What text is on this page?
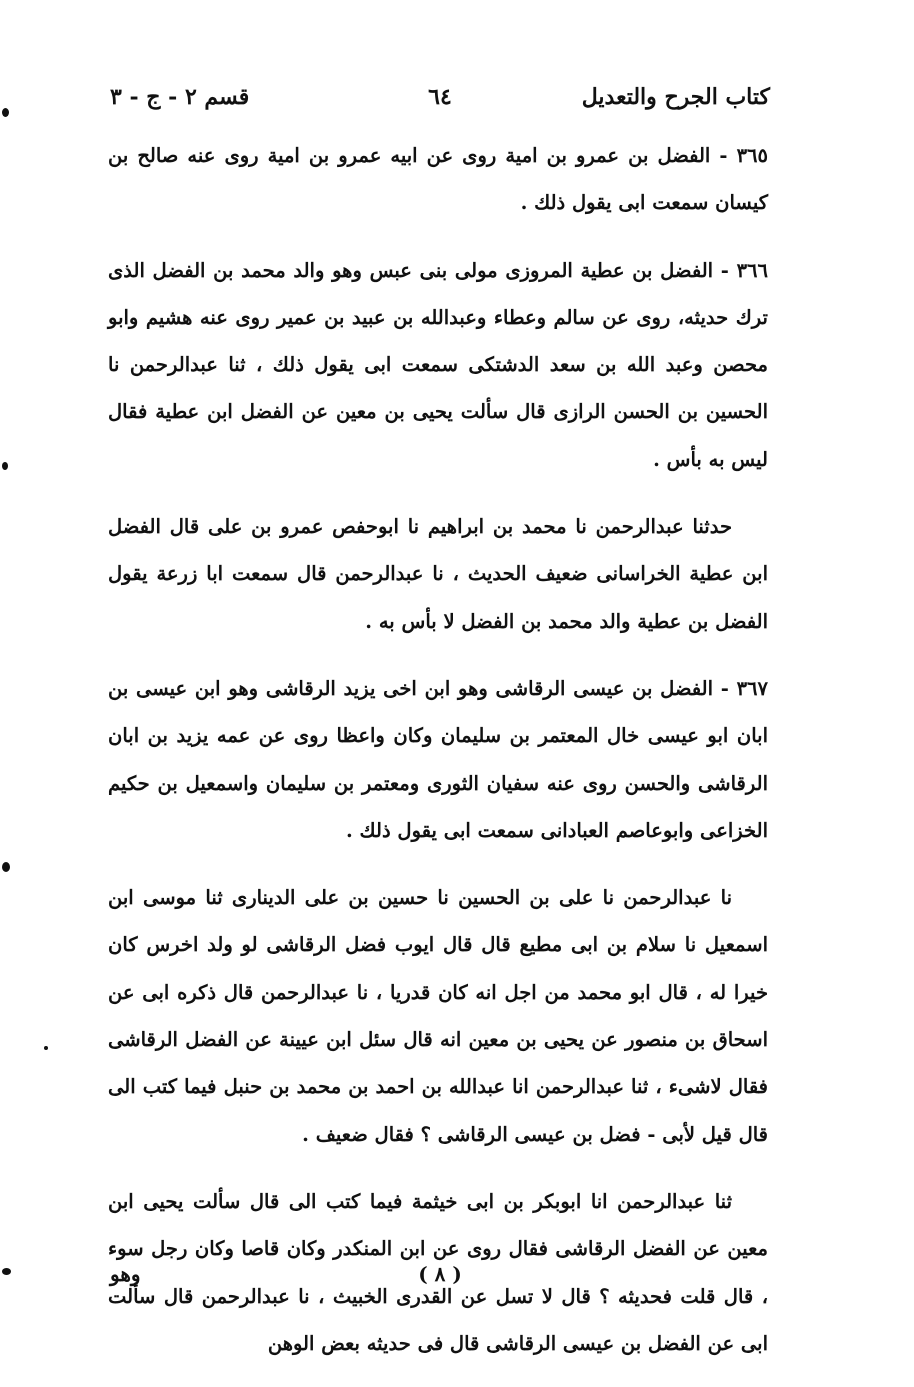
كتاب الجرح والتعديل
٦٤
قسم ٢ - ج - ٣

٣٦٥ - الفضل بن عمرو بن امية روى عن ابيه عمرو بن امية روى عنه صالح بن كيسان سمعت ابى يقول ذلك .

٣٦٦ - الفضل بن عطية المروزى مولى بنى عبس وهو والد محمد بن الفضل الذى ترك حديثه، روى عن سالم وعطاء وعبدالله بن عبيد بن عمير روى عنه هشيم وابو محصن وعبد الله بن سعد الدشتكى سمعت ابى يقول ذلك ، ثنا عبدالرحمن نا الحسين بن الحسن الرازى قال سألت يحيى بن معين عن الفضل ابن عطية فقال ليس به بأس .

حدثنا عبدالرحمن نا محمد بن ابراهيم نا ابوحفص عمرو بن على قال الفضل ابن عطية الخراسانى ضعيف الحديث ، نا عبدالرحمن قال سمعت ابا زرعة يقول الفضل بن عطية والد محمد بن الفضل لا بأس به .

٣٦٧ - الفضل بن عيسى الرقاشى وهو ابن اخى يزيد الرقاشى وهو ابن عيسى بن ابان ابو عيسى خال المعتمر بن سليمان وكان واعظا روى عن عمه يزيد بن ابان الرقاشى والحسن روى عنه سفيان الثورى ومعتمر بن سليمان واسمعيل بن حكيم الخزاعى وابوعاصم العبادانى سمعت ابى يقول ذلك .

نا عبدالرحمن نا على بن الحسين نا حسين بن على الدينارى ثنا موسى ابن اسمعيل نا سلام بن ابى مطيع قال قال ايوب فضل الرقاشى لو ولد اخرس كان خيرا له ، قال ابو محمد من اجل انه كان قدريا ، نا عبدالرحمن قال ذكره ابى عن اسحاق بن منصور عن يحيى بن معين انه قال سئل ابن عيينة عن الفضل الرقاشى فقال لاشىء ، ثنا عبدالرحمن انا عبدالله بن احمد بن محمد بن حنبل فيما كتب الى قال قيل لأبى - فضل بن عيسى الرقاشى ؟ فقال ضعيف .

ثنا عبدالرحمن انا ابوبكر بن ابى خيثمة فيما كتب الى قال سألت يحيى ابن معين عن الفضل الرقاشى فقال روى عن ابن المنكدر وكان قاصا وكان رجل سوء ، قال قلت فحديثه ؟ قال لا تسل عن القدرى الخبيث ، نا عبدالرحمن قال سألت ابى عن الفضل بن عيسى الرقاشى قال فى حديثه بعض الوهن

( ٨ )
وهو
